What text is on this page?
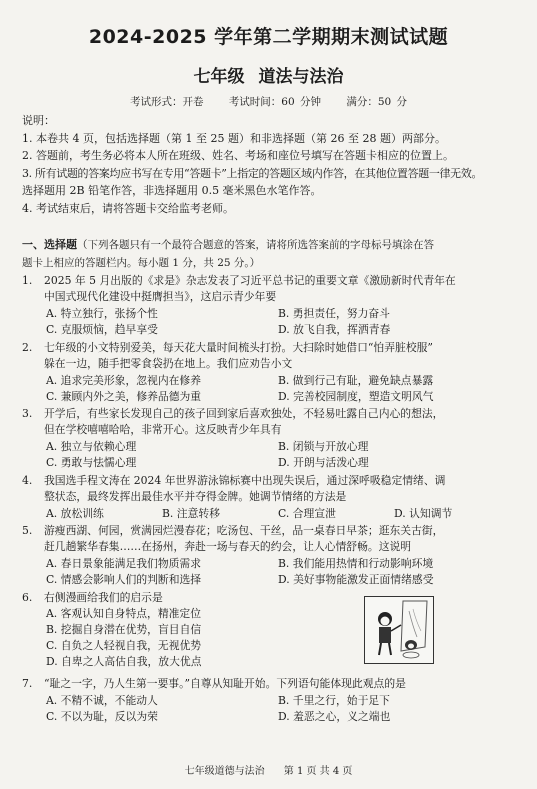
2024-2025 学年第二学期期末测试试题
七年级 道法与法治
考试形式：开卷 考试时间：60 分钟 满分：50 分
说明：
1. 本卷共 4 页，包括选择题（第 1 至 25 题）和非选择题（第 26 至 28 题）两部分。
2. 答题前，考生务必将本人所在班级、姓名、考场和座位号填写在答题卡相应的位置上。
3. 所有试题的答案均应书写在专用“答题卡”上指定的答题区域内作答，在其他位置答题一律无效。
选择题用 2B 铅笔作答，非选择题用 0.5 毫米黑色水笔作答。
4. 考试结束后，请将答题卡交给监考老师。
一、选择题（下列各题只有一个最符合题意的答案，请将所选答案前的字母标号填涂在答
题卡上相应的答题栏内。每小题 1 分，共 25 分。）
1. 2025 年 5 月出版的《求是》杂志发表了习近平总书记的重要文章《激励新时代青年在
中国式现代化建设中挺膺担当》，这启示青少年要
A. 特立独行，张扬个性	B. 勇担责任，努力奋斗
C. 克服烦恼，趋早享受	D. 放飞自我，挥洒青春
2. 七年级的小文特别爱美，每天花大量时间梳头打扮。大扫除时她借口“怕弄脏校服”
躲在一边，随手把零食袋扔在地上。我们应劝告小文
A. 追求完美形象，忽视内在修养	B. 做到行己有耻，避免缺点暴露
C. 兼顾内外之美，修养品德为重	D. 完善校园制度，塑造文明风气
3. 开学后，有些家长发现自己的孩子回到家后喜欢独处，不轻易吐露自己内心的想法，
但在学校嘻嘻哈哈，非常开心。这反映青少年具有
A. 独立与依赖心理	B. 闭锁与开放心理
C. 勇敢与怯懦心理	D. 开朗与活泼心理
4. 我国选手程文涛在 2024 年世界游泳锦标赛中出现失误后，通过深呼吸稳定情绪、调
整状态，最终发挥出最佳水平并夺得金牌。她调节情绪的方法是
A. 放松训练	B. 注意转移	C. 合理宣泄	D. 认知调节
5. 游瘦西湖、何园，赏满园烂漫春花；吃汤包、干丝，品一桌春日早茶；逛东关古街，
赶几趟繁华春集……在扬州，奔赴一场与春天的约会，让人心情舒畅。这说明
A. 春日景象能满足我们物质需求	B. 我们能用热情和行动影响环境
C. 情感会影响人们的判断和选择	D. 美好事物能激发正面情绪感受
6. 右侧漫画给我们的启示是
A. 客观认知自身特点，精准定位
B. 挖掘自身潜在优势，盲目自信
C. 自负之人轻视自我，无视优势
D. 自卑之人高估自我，放大优点
7. “耻之一字，乃人生第一要事。”自尊从知耻开始。下列语句能体现此观点的是
A. 不精不诚，不能动人	B. 千里之行，始于足下
C. 不以为耻，反以为荣	D. 羞恶之心，义之端也
七年级道德与法治 第 1 页 共 4 页
